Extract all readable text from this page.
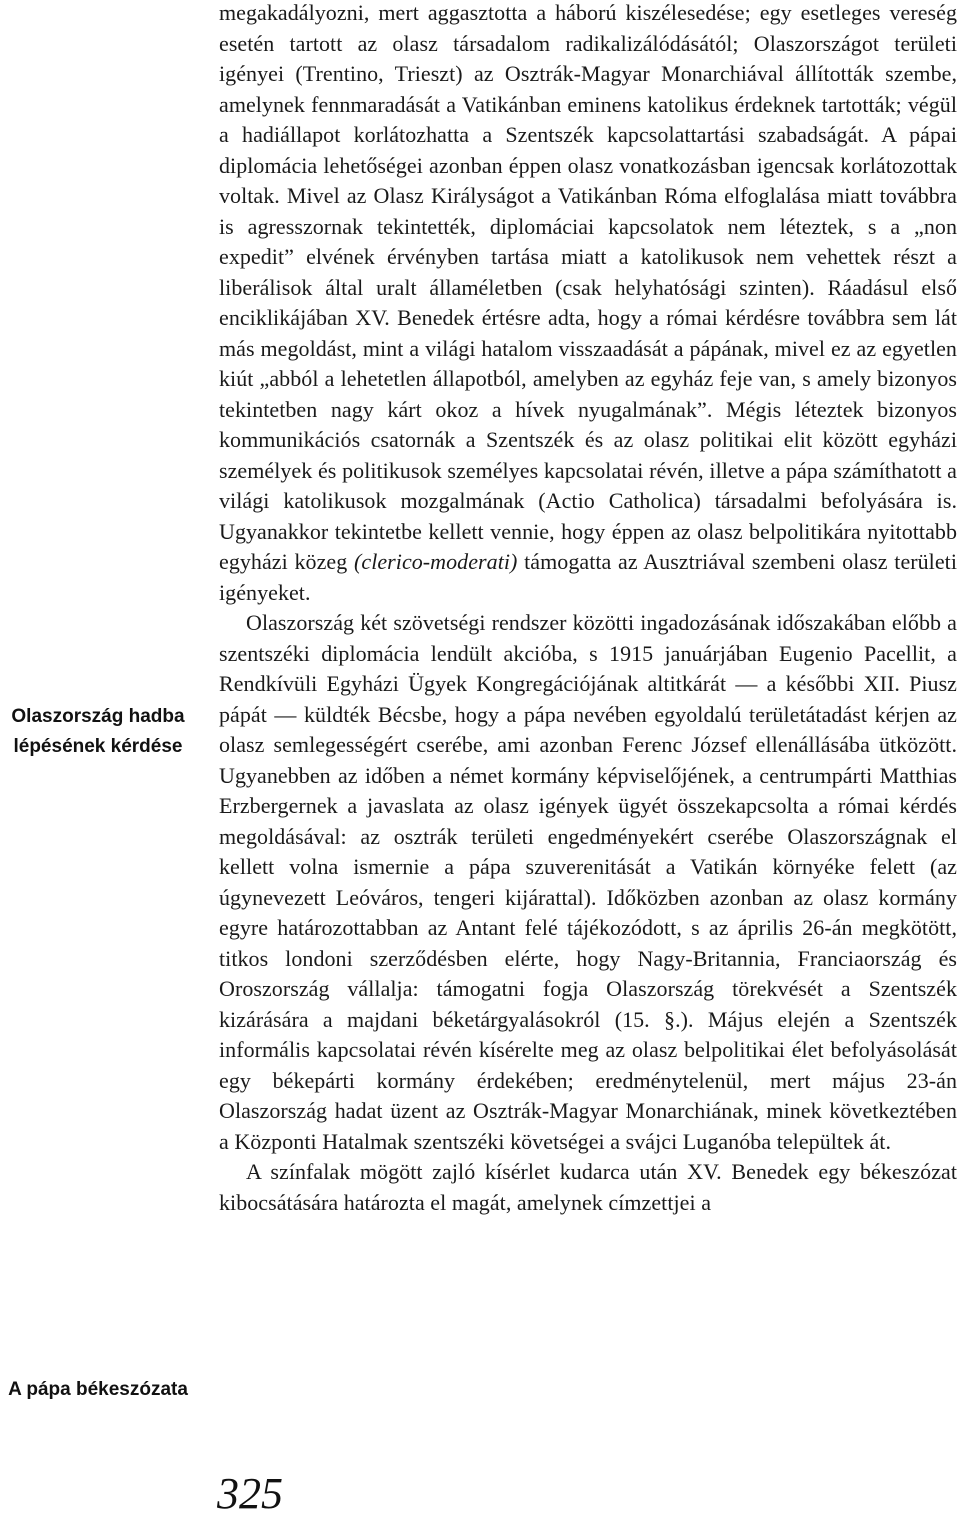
Olaszország hadba lépésének kérdése
A pápa békeszózata

megakadályozni, mert aggasztotta a háború kiszélesedése; egy esetleges vereség esetén tartott az olasz társadalom radikalizálódásától; Olaszországot területi igényei (Trentino, Trieszt) az Osztrák-Magyar Monarchiával állították szembe, amelynek fennmaradását a Vatikánban eminens katolikus érdeknek tartották; végül a hadiállapot korlátozhatta a Szentszék kapcsolattartási szabadságát. A pápai diplomácia lehetőségei azonban éppen olasz vonatkozásban igencsak korlátozottak voltak. Mivel az Olasz Királyságot a Vatikánban Róma elfoglalása miatt továbbra is agresszornak tekintették, diplomáciai kapcsolatok nem léteztek, s a „non expedit” elvének érvényben tartása miatt a katolikusok nem vehettek részt a liberálisok által uralt államéletben (csak helyhatósági szinten). Ráadásul első enciklikájában XV. Benedek értésre adta, hogy a római kérdésre továbbra sem lát más megoldást, mint a világi hatalom visszaadását a pápának, mivel ez az egyetlen kiút „abból a lehetetlen állapotból, amelyben az egyház feje van, s amely bizonyos tekintetben nagy kárt okoz a hívek nyugalmának”. Mégis léteztek bizonyos kommunikációs csatornák a Szentszék és az olasz politikai elit között egyházi személyek és politikusok személyes kapcsolatai révén, illetve a pápa számíthatott a világi katolikusok mozgalmának (Actio Catholica) társadalmi befolyására is. Ugyanakkor tekintetbe kellett vennie, hogy éppen az olasz belpolitikára nyitottabb egyházi közeg (clerico-moderati) támogatta az Ausztriával szembeni olasz területi igényeket.

Olaszország két szövetségi rendszer közötti ingadozásának időszakában előbb a szentszéki diplomácia lendült akcióba, s 1915 januárjában Eugenio Pacellit, a Rendkívüli Egyházi Ügyek Kongregációjának altitkárát — a későbbi XII. Piusz pápát — küldték Bécsbe, hogy a pápa nevében egyoldalú területátadást kérjen az olasz semlegességért cserébe, ami azonban Ferenc József ellenállásába ütközött. Ugyanebben az időben a német kormány képviselőjének, a centrumpárti Matthias Erzbergernek a javaslata az olasz igények ügyét összekapcsolta a római kérdés megoldásával: az osztrák területi engedményekért cserébe Olaszországnak el kellett volna ismernie a pápa szuverenitását a Vatikán környéke felett (az úgynevezett Leóváros, tengeri kijárattal). Időközben azonban az olasz kormány egyre határozottabban az Antant felé tájékozódott, s az április 26-án megkötött, titkos londoni szerződésben elérte, hogy Nagy-Britannia, Franciaország és Oroszország vállalja: támogatni fogja Olaszország törekvését a Szentszék kizárására a majdani béketárgyalásokról (15. §.). Május elején a Szentszék informális kapcsolatai révén kísérelte meg az olasz belpolitikai élet befolyásolását egy békepárti kormány érdekében; eredménytelenül, mert május 23-án Olaszország hadat üzent az Osztrák-Magyar Monarchiának, minek következtében a Központi Hatalmak szentszéki követségei a svájci Luganóba települtek át.

A színfalak mögött zajló kísérlet kudarca után XV. Benedek egy békeszózat kibocsátására határozta el magát, amelynek címzettjei a

325
